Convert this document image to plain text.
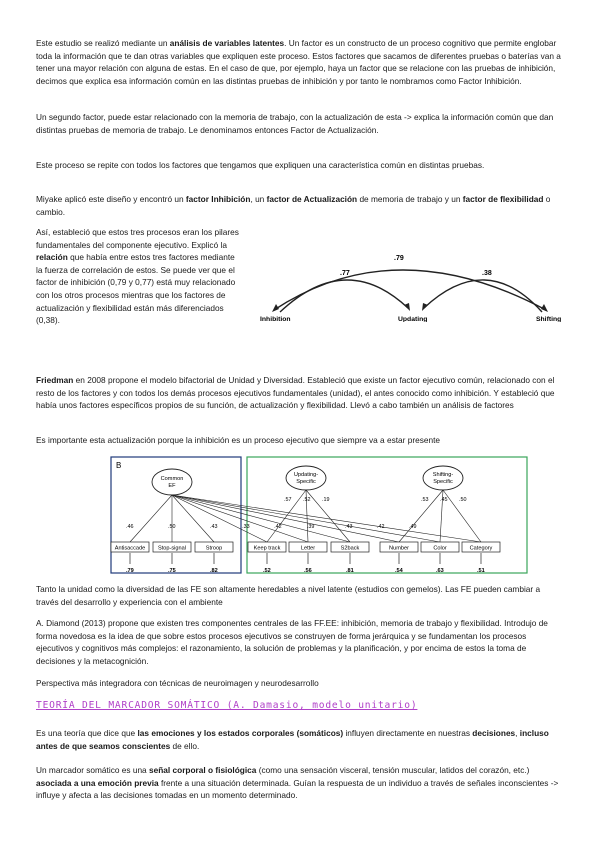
Este estudio se realizó mediante un análisis de variables latentes. Un factor es un constructo de un proceso cognitivo que permite englobar toda la información que te dan otras variables que expliquen este proceso. Estos factores que sacamos de diferentes pruebas o baterías van a tener una mayor relación con alguna de estas. En el caso de que, por ejemplo, haya un factor que se relacione con las pruebas de inhibición, decimos que explica esa información común en las distintas pruebas de inhibición y por tanto le nombramos como Factor Inhibición.

Un segundo factor, puede estar relacionado con la memoria de trabajo, con la actualización de esta -> explica la información común que dan distintas pruebas de memoria de trabajo. Le denominamos entonces Factor de Actualización.

Este proceso se repite con todos los factores que tengamos que expliquen una característica común en distintas pruebas.

Miyake aplicó este diseño y encontró un factor Inhibición, un factor de Actualización de memoria de trabajo y un factor de flexibilidad o cambio.

Así, estableció que estos tres procesos eran los pilares fundamentales del componente ejecutivo. Explicó la relación que había entre estos tres factores mediante la fuerza de correlación de estos. Se puede ver que el factor de inhibición (0,79 y 0,77) está muy relacionado con los otros procesos mientras que los factores de actualización y flexibilidad están más diferenciados (0,38).

.79
.77	.38
Inhibition	Updating	Shifting

Friedman en 2008 propone el modelo bifactorial de Unidad y Diversidad. Estableció que existe un factor ejecutivo común, relacionado con el resto de los factores y con todos los demás procesos ejecutivos fundamentales (unidad), el antes conocido como inhibición. Y estableció que había unos factores específicos propios de su función, de actualización y flexibilidad. Llevó a cabo también un análisis de factores

Es importante esta actualización porque la inhibición es un proceso ejecutivo que siempre va a estar presente

B
Common
EF
Updating-
Specific
Shifting-
Specific
.46
Antisaccade
.79
.50
Stop-signal
.75
.43
Stroop
.82
.33
Keep track
.52
.42
Letter
.56
.39
S2back
.81
.43
Number
.54
.42
Color
.63
.49
Category
.51
.57 .52 .19	.53 .45 .50

Tanto la unidad como la diversidad de las FE son altamente heredables a nivel latente (estudios con gemelos). Las FE pueden cambiar a través del desarrollo y experiencia con el ambiente

A. Diamond (2013) propone que existen tres componentes centrales de las FF.EE: inhibición, memoria de trabajo y flexibilidad. Introdujo de forma novedosa es la idea de que sobre estos procesos ejecutivos se construyen de forma jerárquica y se fundamentan los procesos ejecutivos y cognitivos más complejos: el razonamiento, la solución de problemas y la planificación, y por encima de estos la toma de decisiones y la metacognición.

Perspectiva más integradora con técnicas de neuroimagen y neurodesarrollo

TEORÍA DEL MARCADOR SOMÁTICO (A. Damasio, modelo unitario)

Es una teoría que dice que las emociones y los estados corporales (somáticos) influyen directamente en nuestras decisiones, incluso antes de que seamos conscientes de ello.

Un marcador somático es una señal corporal o fisiológica (como una sensación visceral, tensión muscular, latidos del corazón, etc.) asociada a una emoción previa frente a una situación determinada. Guían la respuesta de un individuo a través de señales inconscientes -> influye y afecta a las decisiones tomadas en un momento determinado.
